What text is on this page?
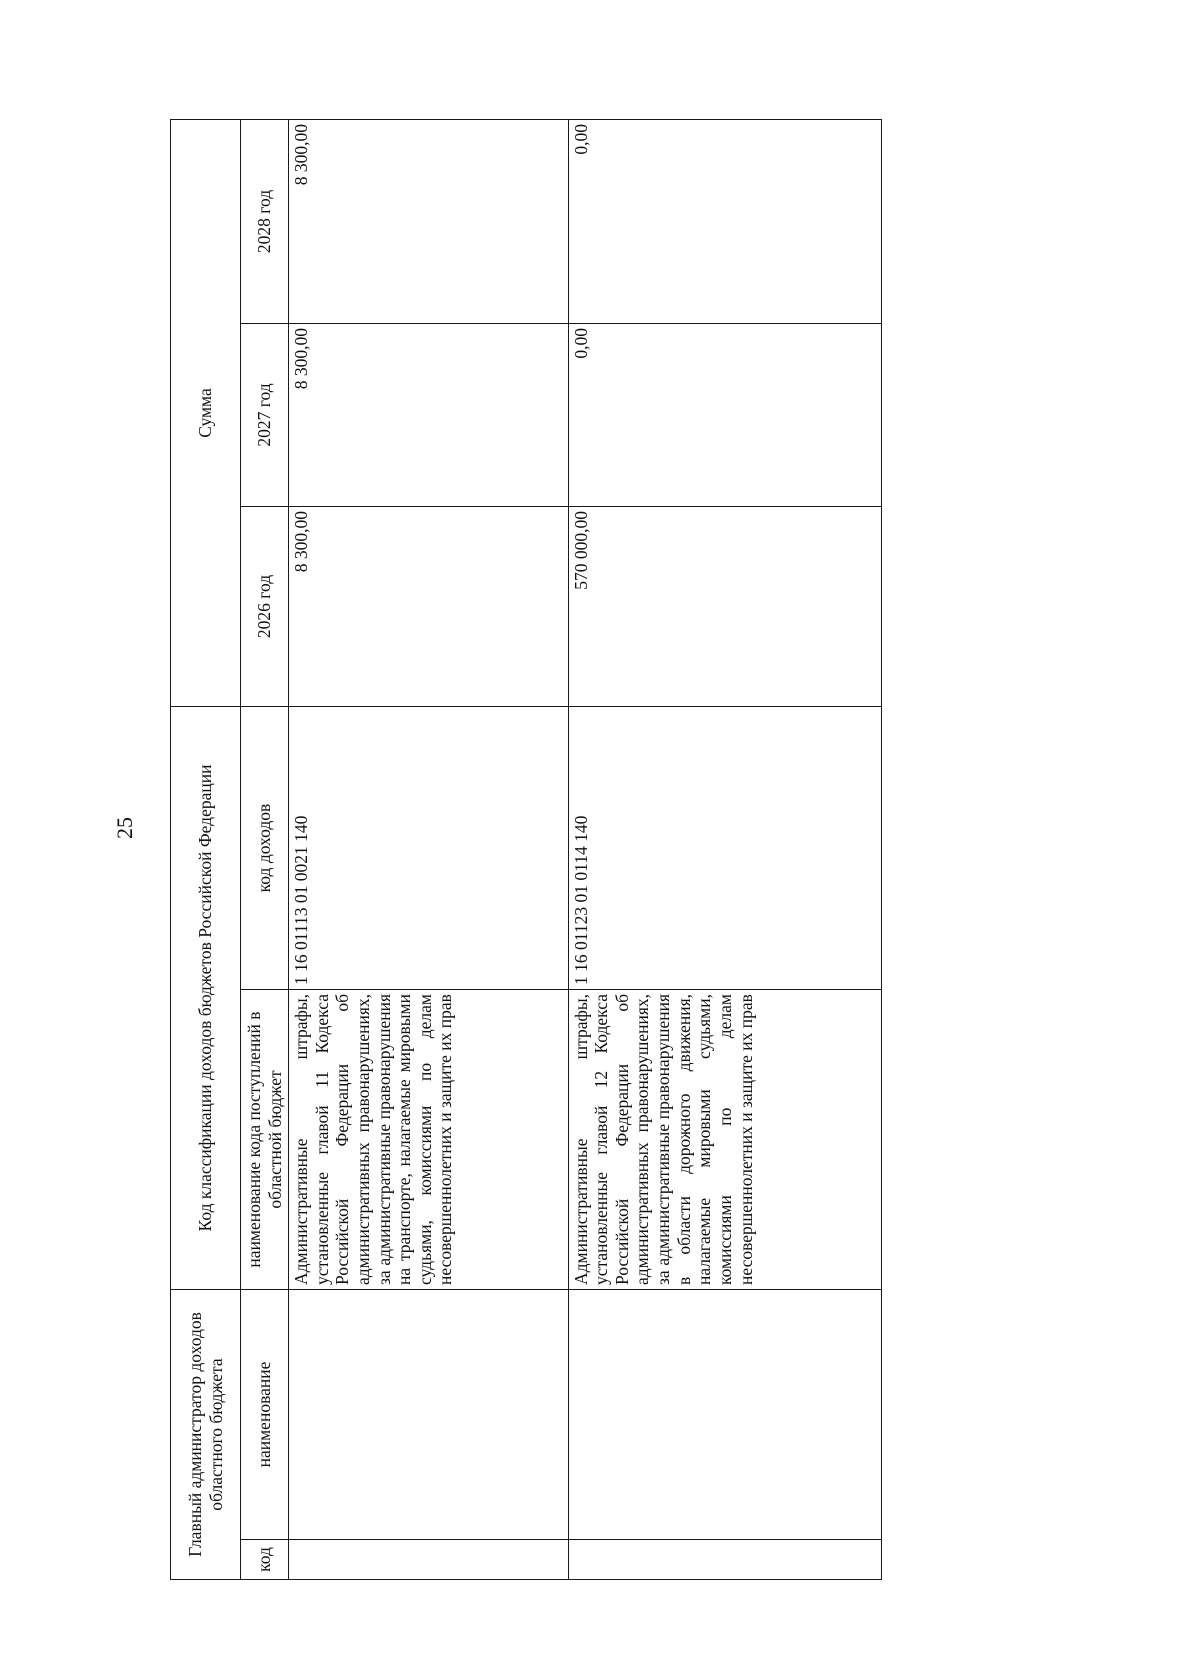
25
Главный администратор доходов областного бюджета		Код классификации доходов бюджетов Российской Федерации		Сумма		
код	наименование	наименование кода поступлений в областной бюджет	код доходов	2026 год	2027 год	2028 год
		Административные штрафы, установленные главой 11 Кодекса Российской Федерации об административных правонарушениях, за административные правонарушения на транспорте, налагаемые мировыми судьями, комиссиями по делам несовершеннолетних и защите их прав	1 16 01113 01 0021 140	8 300,00	8 300,00	8 300,00
		Административные штрафы, установленные главой 12 Кодекса Российской Федерации об административных правонарушениях, за административные правонарушения в области дорожного движения, налагаемые мировыми судьями, комиссиями по делам несовершеннолетних и защите их прав	1 16 01123 01 0114 140	570 000,00	0,00	0,00
